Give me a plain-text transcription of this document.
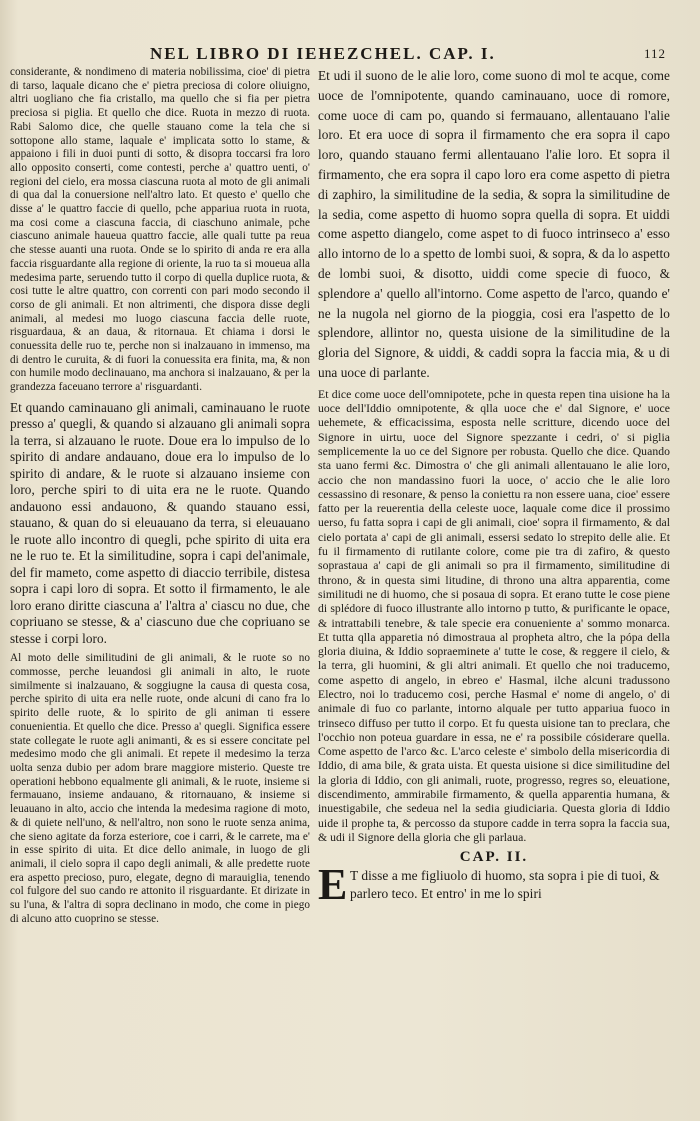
NEL LIBRO DI IEHEZCHEL. CAP. I.	112

considerante, & nondimeno di materia nobilissima, cioe' di pietra di tarso, laquale dicano che e' pietra preciosa di colore oliuigno, altri uogliano che fia cristallo, ma quello che si fia per pietra preciosa si piglia. Et quello che dice. Ruota in mezzo di ruota. Rabi Salomo dice, che quelle stauano come la tela che si sottopone allo stame, laquale e' implicata sotto lo stame, & appaiono i fili in duoi punti di sotto, & disopra toccarsi fra loro allo opposito conserti, come contesti, perche a' quattro uenti, o' regioni del cielo, era mossa ciascuna ruota al moto de gli animali di qua dal la conuersione nell'altro lato. Et questo e' quello che disse a' le quattro faccie di quello, pche appariua ruota in ruota, ma cosi come a ciascuna faccia, di ciaschuno animale, pche ciascuno animale haueua quattro faccie, alle quali tutte pa reua che stesse auanti una ruota. Onde se lo spirito di anda re era alla faccia risguardante alla regione di oriente, la ruo ta si moueua alla medesima parte, seruendo tutto il corpo di quella duplice ruota, & cosi tutte le altre quattro, con correnti con pari modo secondo il corso de gli animali. Et non altrimenti, che dispora disse degli animali, al medesi mo luogo ciascuna faccia delle ruote, risguardaua, & an daua, & ritornaua. Et chiama i dorsi le conuessita delle ruo te, perche non si inalzauano in immenso, ma di dentro le curuita, & di fuori la conuessita era finita, ma, & non con humile modo declinauano, ma anchora si inalzauano, & per la grandezza faceuano terrore a' risguardanti.

Et quando caminauano gli animali, caminauano le ruote presso a' quegli, & quando si alzauano gli animali sopra la terra, si alzauano le ruote. Doue era lo impulso de lo spirito di andare andauano, doue era lo impulso de lo spirito di andare, & le ruote si alzauano insieme con loro, perche spiri to di uita era ne le ruote. Quando andauono essi andauono, & quando stauano essi, stauano, & quan do si eleuauano da terra, si eleuauano le ruote allo incontro di quegli, pche spirito di uita era ne le ruo te. Et la similitudine, sopra i capi del'animale, del fir mameto, come aspetto di diaccio terribile, distesa sopra i capi loro di sopra. Et sotto il firmamento, le ale loro erano diritte ciascuna a' l'altra a' ciascu no due, che copriuano se stesse, & a' ciascuno due che copriuano se stesse i corpi loro.

Al moto delle similitudini de gli animali, & le ruote so no commosse, perche leuandosi gli animali in alto, le ruote similmente si inalzauano, & soggiugne la causa di questa cosa, perche spirito di uita era nelle ruote, onde alcuni di cano fra lo spirito delle ruote, & lo spirito de gli animan ti essere conuenientia. Et quello che dice. Presso a' quegli. Significa essere state collegate le ruote agli animanti, & es si essere concitate pel medesimo modo che gli animali. Et repete il medesimo la terza uolta senza dubio per adom brare maggiore misterio. Queste tre operationi hebbono equalmente gli animali, & le ruote, insieme si fermauano, insieme andauano, & ritornauano, & insieme si leuauano in alto, accio che intenda la medesima ragione di moto, & di quiete nell'uno, & nell'altro, non sono le ruote senza anima, che sieno agitate da forza esteriore, coe i carri, & le carrete, ma e' in esse spirito di uita. Et dice dello animale, in luogo de gli animali, il cielo sopra il capo degli animali, & alle predette ruote era aspetto precioso, puro, elegate, degno di marauiglia, tenendo col fulgore del suo cando re attonito il risguardante. Et dirizate in su l'una, & l'altra di sopra declinano in modo, che come in piego di alcuno atto cuoprino se stesse.

Et udi il suono de le alie loro, come suono di mol te acque, come uoce de l'omnipotente, quando caminauano, uoce di romore, come uoce di cam po, quando si fermauano, allentauano l'alie loro. Et era uoce di sopra il firmamento che era sopra il capo loro, quando stauano fermi allentauano l'alie loro. Et sopra il firmamento, che era sopra il capo loro era come aspetto di pietra di zaphiro, la similitudine de la sedia, & sopra la similitudine de la sedia, come aspetto di huomo sopra quella di sopra. Et uiddi come aspetto diangelo, come aspet to di fuoco intrinseco a' esso allo intorno de lo a spetto de lombi suoi, & sopra, & da lo aspetto de lombi suoi, & disotto, uiddi come specie di fuoco, & splendore a' quello all'intorno. Come aspetto de l'arco, quando e' ne la nugola nel giorno de la pioggia, cosi era l'aspetto de lo splendore, allintor no, questa uisione de la similitudine de la gloria del Signore, & uiddi, & caddi sopra la faccia mia, & u di una uoce di parlante.

Et dice come uoce dell'omnipotete, pche in questa repen tina uisione ha la uoce dell'Iddio omnipotente, & qlla uoce che e' dal Signore, e' uoce uehemete, & efficacissima, esposta nelle scritture, dicendo uoce del Signore in uirtu, uoce del Signore spezzante i cedri, o' si piglia semplicemente la uo ce del Signore per robusta. Quello che dice. Quando sta uano fermi &c. Dimostra o' che gli animali allentauano le alie loro, accio che non mandassino fuori la uoce, o' accio che le alie loro cessassino di resonare, & penso la coniettu ra non essere uana, cioe' essere fatto per la reuerentia della celeste uoce, laquale come dice il prossimo uerso, fu fatta sopra i capi de gli animali, cioe' sopra il firmamento, & dal cielo portata a' capi de gli animali, essersi sedato lo strepito delle alie. Et fu il firmamento di rutilante colore, come pie tra di zafiro, & questo soprastaua a' capi de gli animali so pra il firmamento, similitudine di throno, & in questa simi litudine, di throno una altra apparentia, come similitudi ne di huomo, che si posaua di sopra. Et erano tutte le cose piene di splédore di fuoco illustrante allo intorno p tutto, & purificante le opace, & intrattabili tenebre, & tale specie era conueniente a' sommo monarca. Et tutta qlla apparetia nó dimostraua al propheta altro, che la pópa della gloria diuina, & Iddio sopraeminete a' tutte le cose, & reggere il cielo, & la terra, gli huomini, & gli altri animali. Et quello che noi traducemo, come aspetto di angelo, in ebreo e' Hasmal, ilche alcuni tradussono Electro, noi lo traducemo cosi, perche Hasmal e' nome di angelo, o' di animale di fuo co parlante, intorno alquale per tutto appariua fuoco in trinseco diffuso per tutto il corpo. Et fu questa uisione tan to preclara, che l'occhio non poteua guardare in essa, ne e' ra possibile cósiderare quella. Come aspetto de l'arco &c. L'arco celeste e' simbolo della misericordia di Iddio, di ama bile, & grata uista. Et questa uisione si dice similitudine del la gloria di Iddio, con gli animali, ruote, progresso, regres so, eleuatione, discendimento, ammirabile firmamento, & quella apparentia humana, & inuestigabile, che sedeua nel la sedia giudiciaria. Questa gloria di Iddio uide il prophe ta, & percosso da stupore cadde in terra sopra la faccia sua, & udi il Signore della gloria che gli parlaua.

CAP. II.
E T disse a me figliuolo di huomo, sta sopra i pie di tuoi, & parlero teco. Et entro' in me lo spiri
